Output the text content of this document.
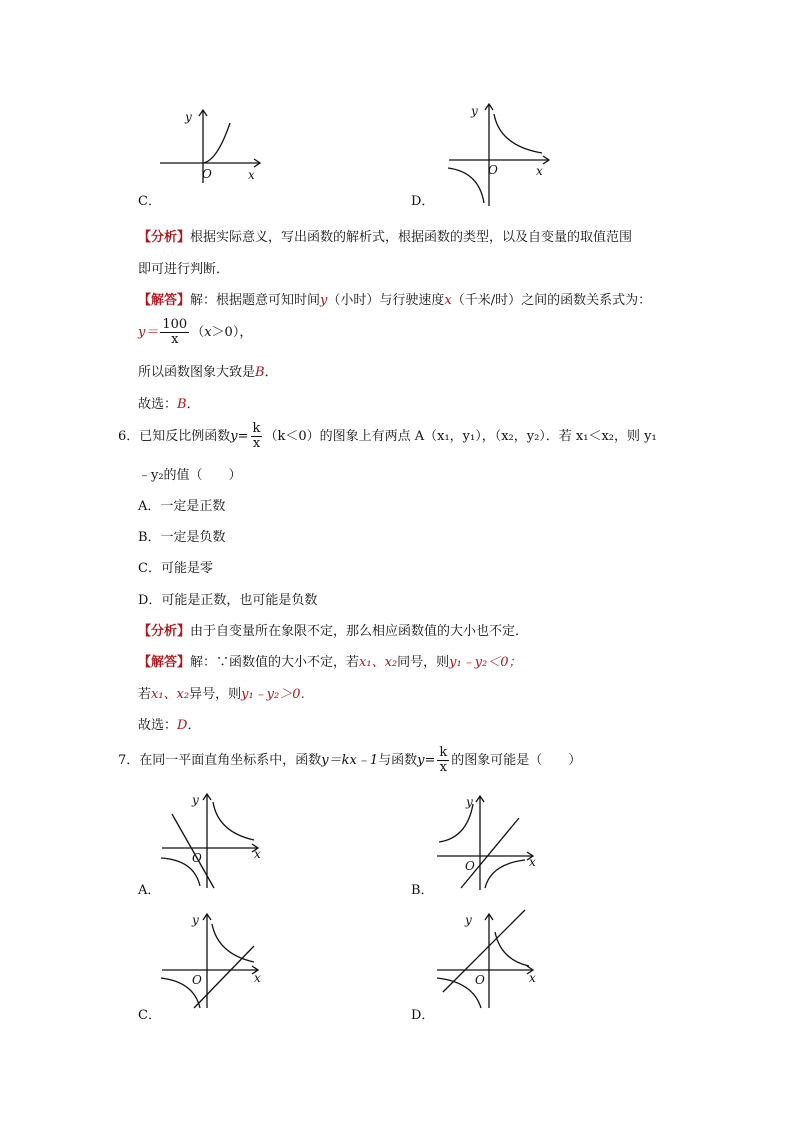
y
O	x
C．
y
O	x
D．
【分析】根据实际意义，写出函数的解析式，根据函数的类型，以及自变量的取值范围
即可进行判断．
【解答】解：根据题意可知时间y（小时）与行驶速度x（千米/时）之间的函数关系式为：
$y= \frac{100}{x} (x>0)$，
所以函数图象大致是B．
故选：B．
6．已知反比例函数$y= \frac{k}{x} (k<0)$的图象上有两点 A（x₁，y₁），（x₂，y₂）．若 x₁＜x₂，则 y₁
﹣y₂的值（　　）
A．一定是正数
B．一定是负数
C．可能是零
D．可能是正数，也可能是负数
【分析】由于自变量所在象限不定，那么相应函数值的大小也不定．
【解答】解：∵函数值的大小不定，若x₁、x₂同号，则y₁﹣y₂＜0；
若x₁、x₂异号，则y₁﹣y₂＞0．
故选：D．
7．在同一平面直角坐标系中，函数y＝kx﹣1与函数$y= \frac{k}{x}$ 的图象可能是（　　）
y
O	x
A．
y
O	x
B．
y
O	x
C．
y
O	x
D．
